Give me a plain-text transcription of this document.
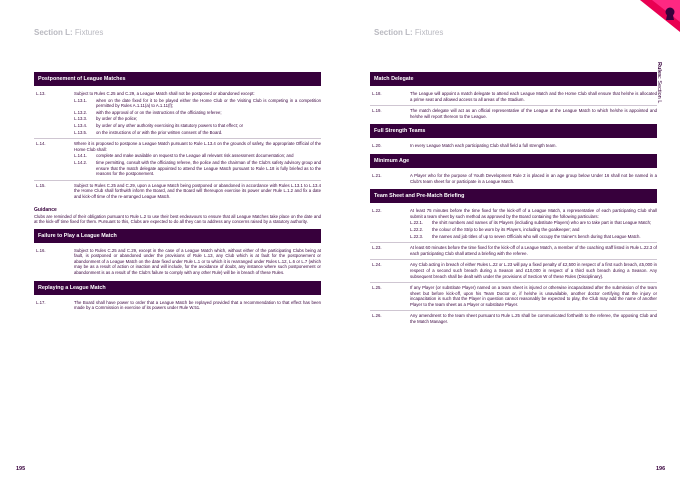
Section L: Fixtures
195
Section L: Fixtures
196
Postponement of League Matches
L.13.	Subject to Rules C.25 and C.29, a League Match shall not be postponed or abandoned except:
L.13.1.	when on the date fixed for it to be played either the Home Club or the Visiting Club is competing in a competition permitted by Rules A.1.11(a) to A.1.11(f);
L.13.2.	with the approval of or on the instructions of the officiating referee;
L.13.3.	by order of the police;
L.13.4.	by order of any other authority exercising its statutory powers to that effect; or
L.13.5.	on the instructions of or with the prior written consent of the Board.
L.14.	Where it is proposed to postpone a League Match pursuant to Rule L.13.4 on the grounds of safety, the appropriate Official of the Home Club shall:
L.14.1.	complete and make available on request to the League all relevant risk assessment documentation; and
L.14.2.	time permitting, consult with the officiating referee, the police and the chairman of the Club's safety advisory group and ensure that the match delegate appointed to attend the League Match pursuant to Rule L.18 is fully briefed as to the reasons for the postponement.
L.15.	Subject to Rules C.25 and C.29, upon a League Match being postponed or abandoned in accordance with Rules L.13.1 to L.13.4 the Home Club shall forthwith inform the Board, and the Board will thereupon exercise its power under Rule L.1.2 and fix a date and kick-off time of the re-arranged League Match.
Guidance
Clubs are reminded of their obligation pursuant to Rule L.2 to use their best endeavours to ensure that all League Matches take place on the date and at the kick-off time fixed for them. Pursuant to this, Clubs are expected to do all they can to address any concerns raised by a statutory authority.
Failure to Play a League Match
L.16.	Subject to Rules C.25 and C.29, except in the case of a League Match which, without either of the participating Clubs being at fault, is postponed or abandoned under the provisions of Rule L.13, any Club which is at fault for the postponement or abandonment of a League Match on the date fixed under Rule L.1 or to which it is rearranged under Rules L.12, L.6 or L.7 (which may be as a result of action or inaction and will include, for the avoidance of doubt, any instance where such postponement or abandonment is as a result of the Club's failure to comply with any other Rule) will be in breach of these Rules.
Replaying a League Match
L.17.	The Board shall have power to order that a League Match be replayed provided that a recommendation to that effect has been made by a Commission in exercise of its powers under Rule W.51.
Match Delegate
L.18.	The League will appoint a match delegate to attend each League Match and the Home Club shall ensure that he/she is allocated a prime seat and allowed access to all areas of the Stadium.
L.19.	The match delegate will act as an official representative of the League at the League Match to which he/she is appointed and he/she will report thereon to the League.
Full Strength Teams
L.20.	In every League Match each participating Club shall field a full strength team.
Minimum Age
L.21.	A Player who for the purpose of Youth Development Rule 2 is placed in an age group below Under 16 shall not be named in a Club's team sheet for or participate in a League Match.
Team Sheet and Pre-Match Briefing
L.22.	At least 75 minutes before the time fixed for the kick-off of a League Match, a representative of each participating Club shall submit a team sheet by such method as approved by the Board containing the following particulars:
L.22.1.	the shirt numbers and names of its Players (including substitute Players) who are to take part in that League Match;
L.22.2.	the colour of the Strip to be worn by its Players, including the goalkeeper; and
L.22.3.	the names and job titles of up to seven Officials who will occupy the trainer's bench during that League Match.
L.23.	At least 60 minutes before the time fixed for the kick-off of a League Match, a member of the coaching staff listed in Rule L.22.3 of each participating Club shall attend a briefing with the referee.
L.24.	Any Club acting in breach of either Rules L.22 or L.23 will pay a fixed penalty of £2,500 in respect of a first such breach, £5,000 in respect of a second such breach during a Season and £10,000 in respect of a third such breach during a Season. Any subsequent breach shall be dealt with under the provisions of Section W of these Rules (Disciplinary).
L.25.	If any Player (or substitute Player) named on a team sheet is injured or otherwise incapacitated after the submission of the team sheet but before kick-off, upon his Team Doctor or, if he/she is unavailable, another doctor certifying that the injury or incapacitation is such that the Player in question cannot reasonably be expected to play, the Club may add the name of another Player to the team sheet as a Player or substitute Player.
L.26.	Any amendment to the team sheet pursuant to Rule L.25 shall be communicated forthwith to the referee, the opposing Club and the Match Manager.
Rules: Section L
